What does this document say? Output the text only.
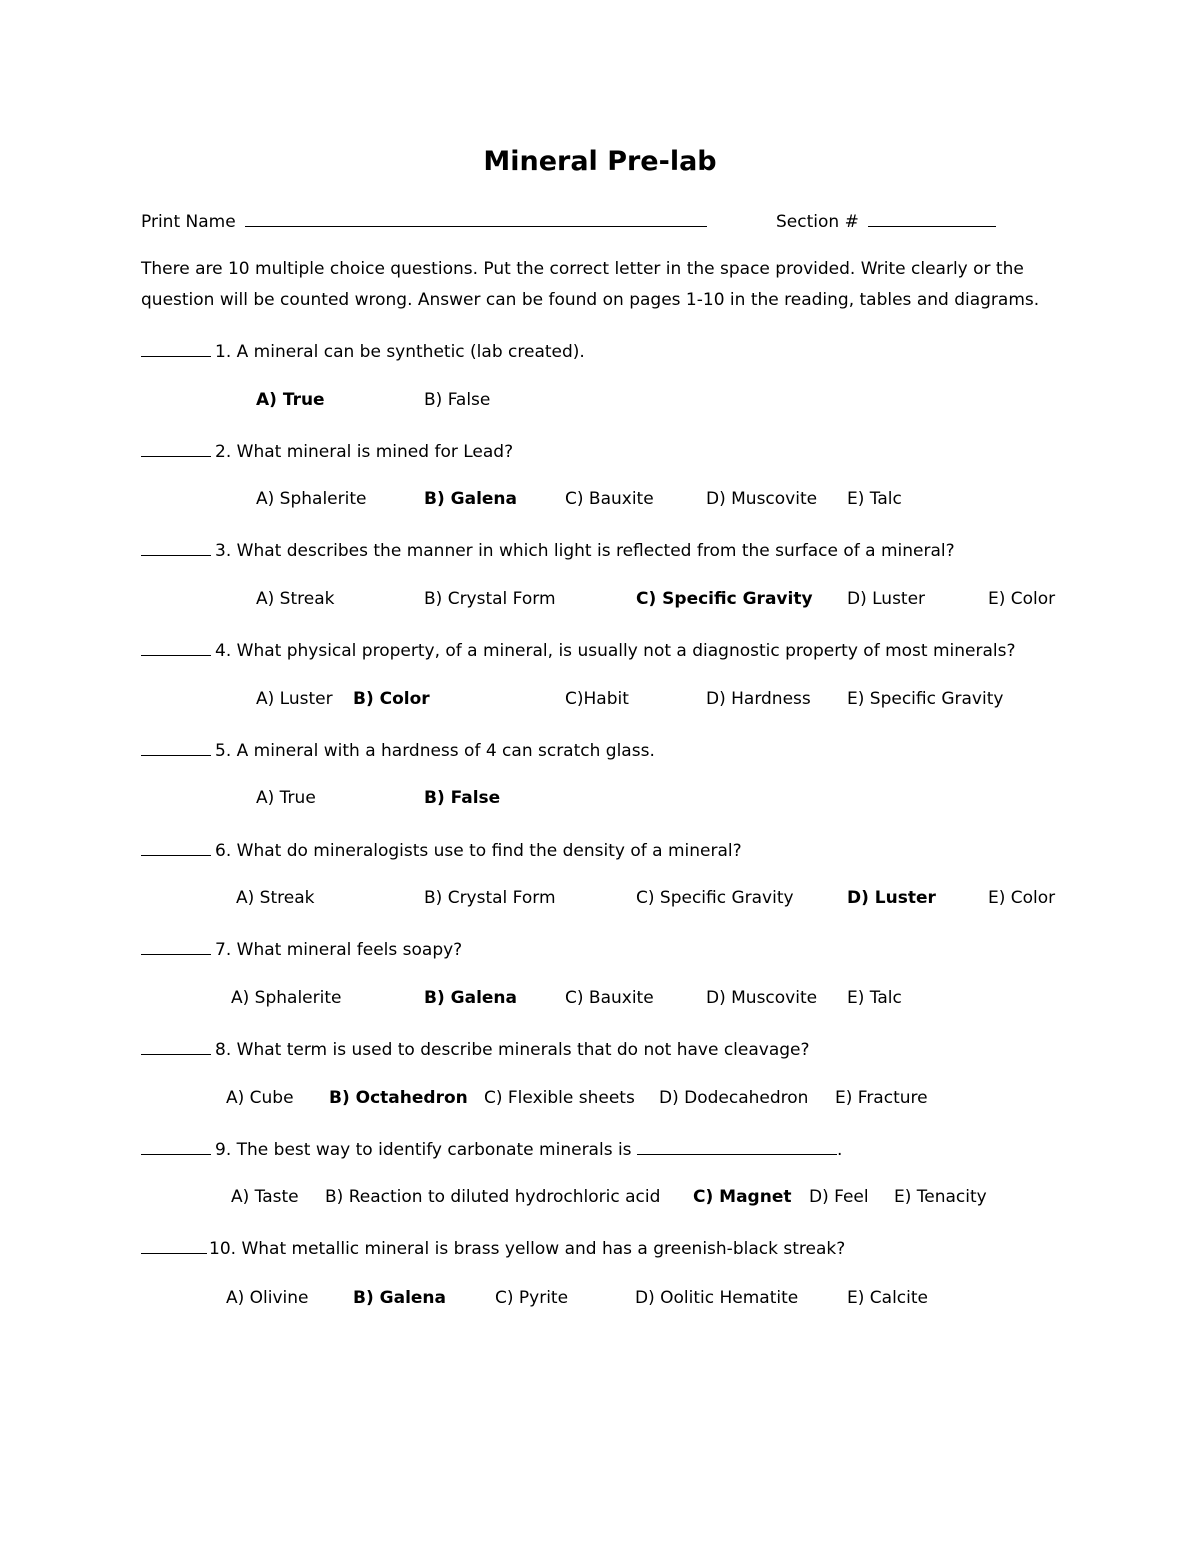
Mineral Pre-lab
Print Name	Section #
There are 10 multiple choice questions. Put the correct letter in the space provided. Write clearly or the
question will be counted wrong. Answer can be found on pages 1-10 in the reading, tables and diagrams.
1. A mineral can be synthetic (lab created).
A) True	B) False
2. What mineral is mined for Lead?
A) Sphalerite	B) Galena	C) Bauxite	D) Muscovite E) Talc
3. What describes the manner in which light is reflected from the surface of a mineral?
A) Streak	B) Crystal Form	C) Specific Gravity D) Luster	E) Color
4. What physical property, of a mineral, is usually not a diagnostic property of most minerals?
A) Luster B) Color	C)Habit	D) Hardness E) Specific Gravity
5. A mineral with a hardness of 4 can scratch glass.
A) True	B) False
6. What do mineralogists use to find the density of a mineral?
A) Streak	B) Crystal Form	C) Specific Gravity	D) Luster	E) Color
7. What mineral feels soapy?
A) Sphalerite	B) Galena	C) Bauxite	D) Muscovite E) Talc
8. What term is used to describe minerals that do not have cleavage?
A) Cube B) Octahedron C) Flexible sheets D) Dodecahedron E) Fracture
9. The best way to identify carbonate minerals is	.
A) Taste B) Reaction to diluted hydrochloric acid C) Magnet D) Feel E) Tenacity
10. What metallic mineral is brass yellow and has a greenish-black streak?
A) Olivine	B) Galena	C) Pyrite	D) Oolitic Hematite	E) Calcite
